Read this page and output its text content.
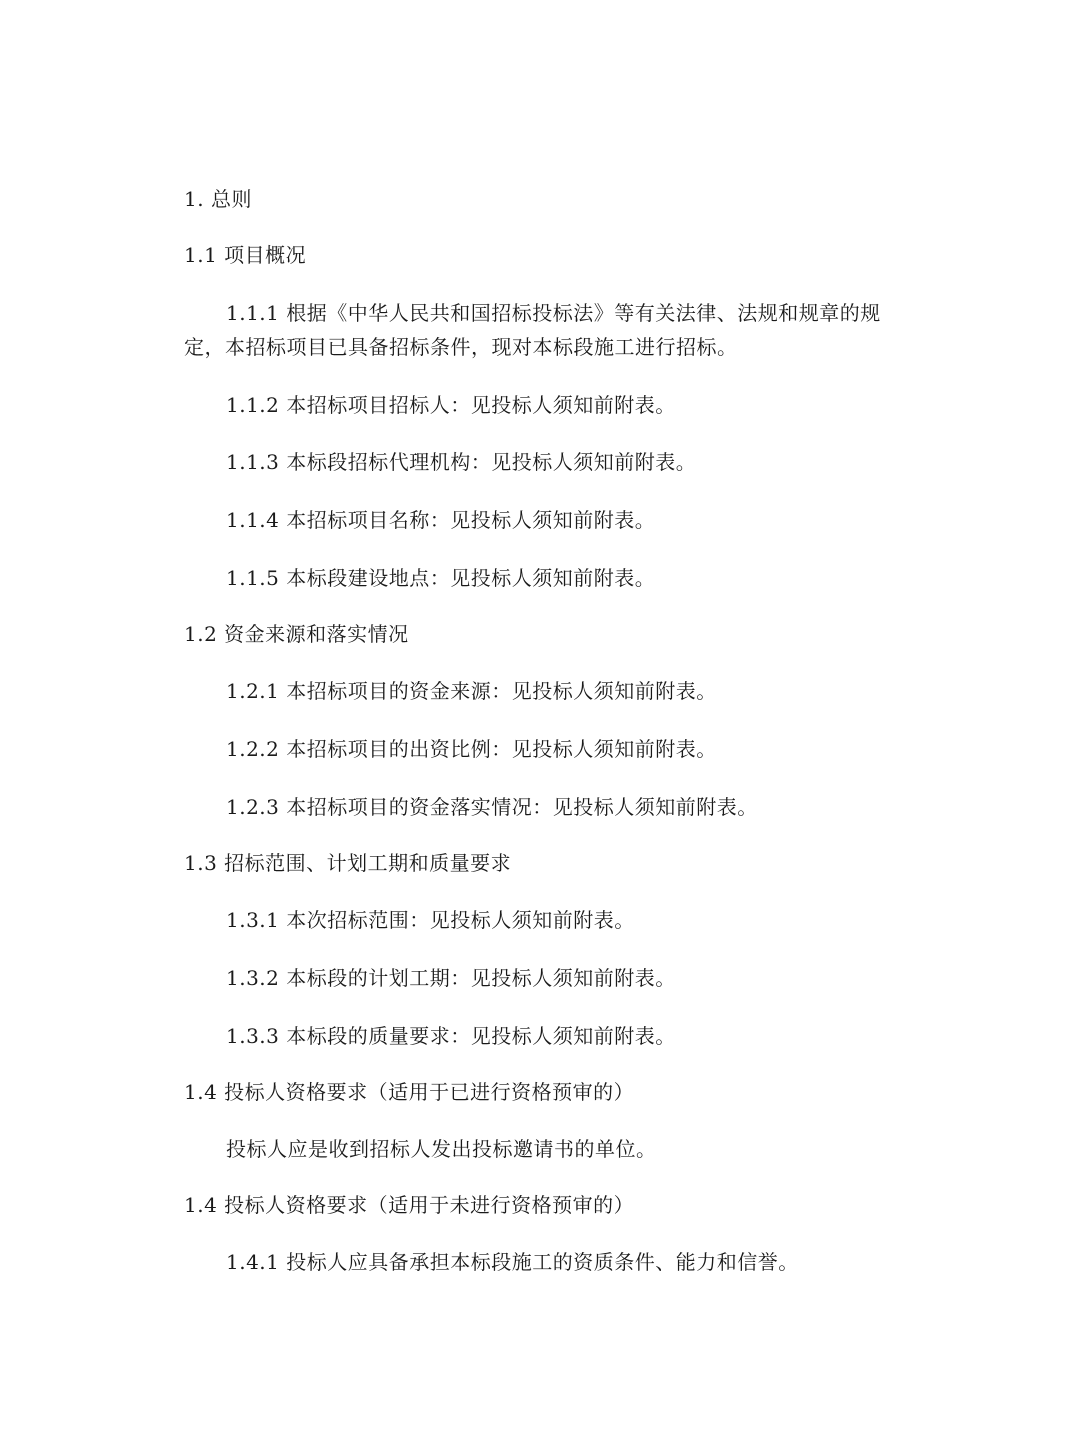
1. 总则
1.1 项目概况
1.1.1 根据《中华人民共和国招标投标法》等有关法律、法规和规章的规定，本招标项目已具备招标条件，现对本标段施工进行招标。
1.1.2 本招标项目招标人：见投标人须知前附表。
1.1.3 本标段招标代理机构：见投标人须知前附表。
1.1.4 本招标项目名称：见投标人须知前附表。
1.1.5 本标段建设地点：见投标人须知前附表。
1.2 资金来源和落实情况
1.2.1 本招标项目的资金来源：见投标人须知前附表。
1.2.2 本招标项目的出资比例：见投标人须知前附表。
1.2.3 本招标项目的资金落实情况：见投标人须知前附表。
1.3 招标范围、计划工期和质量要求
1.3.1 本次招标范围：见投标人须知前附表。
1.3.2 本标段的计划工期：见投标人须知前附表。
1.3.3 本标段的质量要求：见投标人须知前附表。
1.4 投标人资格要求（适用于已进行资格预审的）
投标人应是收到招标人发出投标邀请书的单位。
1.4 投标人资格要求（适用于未进行资格预审的）
1.4.1 投标人应具备承担本标段施工的资质条件、能力和信誉。
